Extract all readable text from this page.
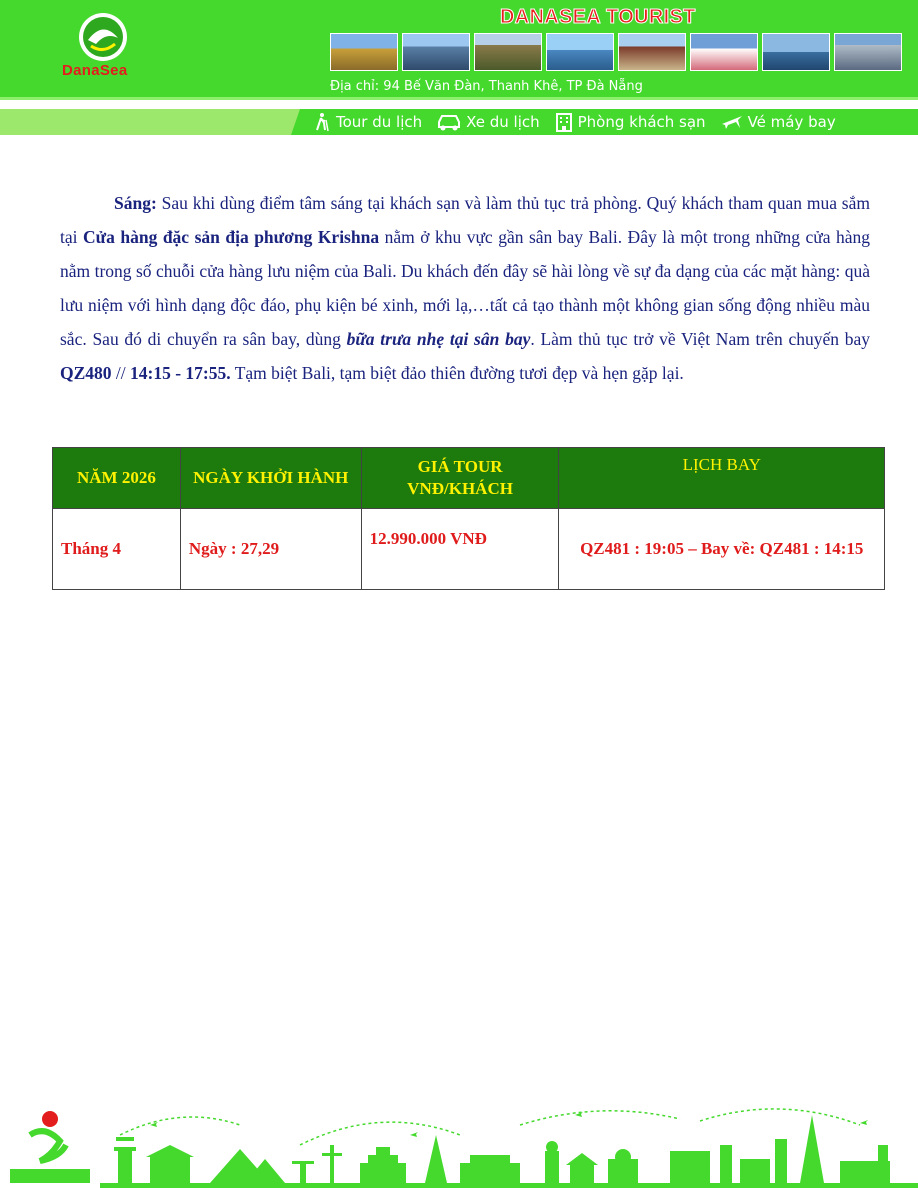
DanaSea
DANASEA TOURIST
Địa chỉ: 94 Bế Văn Đàn, Thanh Khê, TP Đà Nẵng
Tour du lịch	Xe du lịch	Phòng khách sạn	Vé máy bay
Sáng: Sau khi dùng điểm tâm sáng tại khách sạn và làm thủ tục trả phòng. Quý khách tham quan mua sắm tại Cửa hàng đặc sản địa phương Krishna nằm ở khu vực gần sân bay Bali. Đây là một trong những cửa hàng nằm trong số chuỗi cửa hàng lưu niệm của Bali. Du khách đến đây sẽ hài lòng về sự đa dạng của các mặt hàng: quà lưu niệm với hình dạng độc đáo, phụ kiện bé xinh, mới lạ,…tất cả tạo thành một không gian sống động nhiều màu sắc. Sau đó di chuyển ra sân bay, dùng bữa trưa nhẹ tại sân bay. Làm thủ tục trở về Việt Nam trên chuyến bay QZ480 // 14:15 - 17:55. Tạm biệt Bali, tạm biệt đảo thiên đường tươi đẹp và hẹn gặp lại.
NĂM 2026	NGÀY KHỞI HÀNH	GIÁ TOUR VNĐ/KHÁCH	LỊCH BAY
Tháng 4	Ngày : 27,29	12.990.000 VNĐ	QZ481 : 19:05 – Bay về: QZ481 : 14:15
